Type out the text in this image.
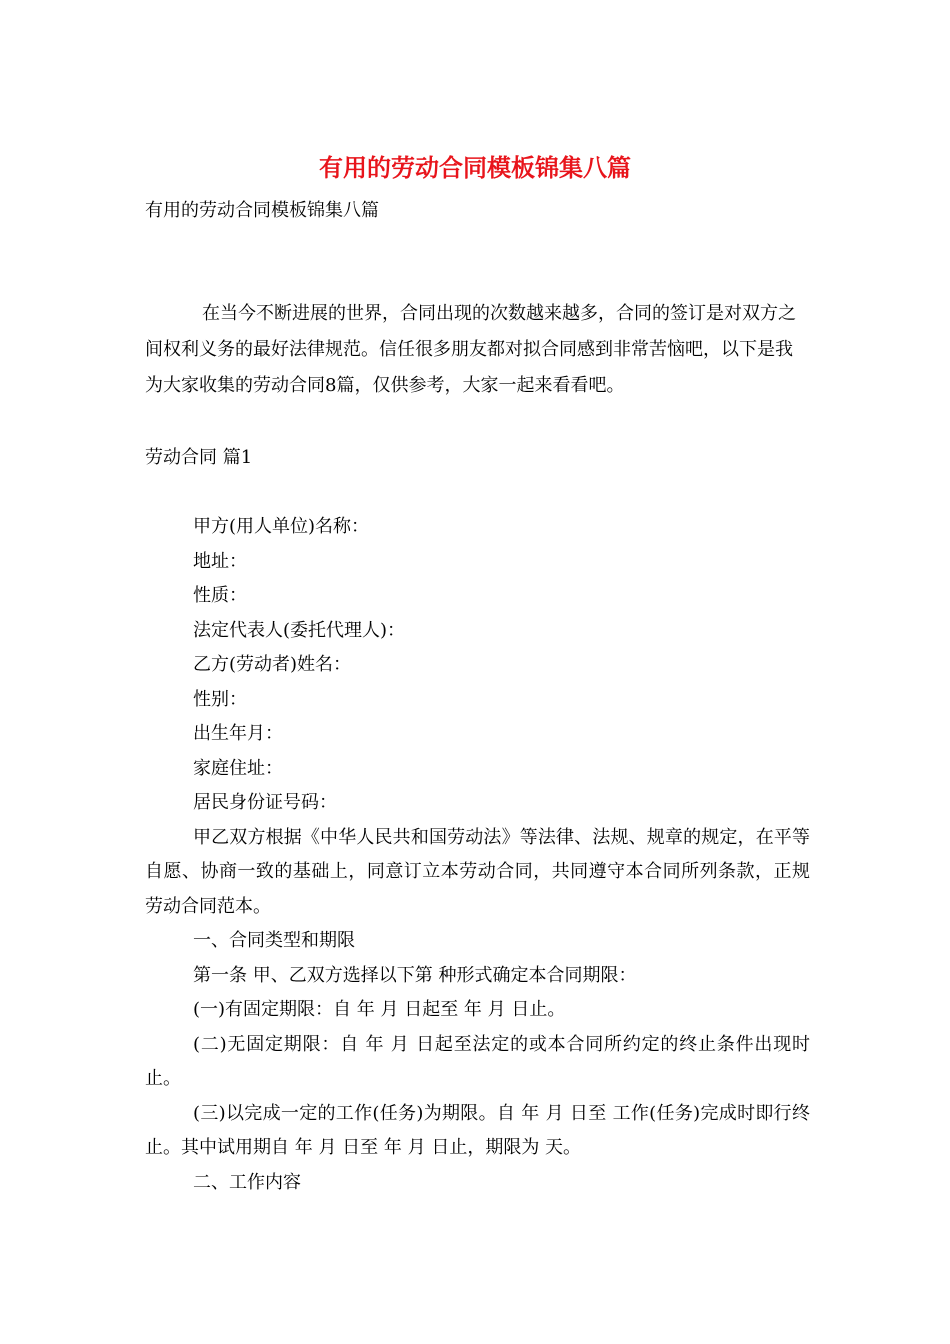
有用的劳动合同模板锦集八篇
有用的劳动合同模板锦集八篇

在当今不断进展的世界，合同出现的次数越来越多，合同的签订是对双方之间权利义务的最好法律规范。信任很多朋友都对拟合同感到非常苦恼吧，以下是我为大家收集的劳动合同8篇，仅供参考，大家一起来看看吧。

劳动合同 篇1
甲方(用人单位)名称：
地址：
性质：
法定代表人(委托代理人)：
乙方(劳动者)姓名：
性别：
出生年月：
家庭住址：
居民身份证号码：

甲乙双方根据《中华人民共和国劳动法》等法律、法规、规章的规定，在平等自愿、协商一致的基础上，同意订立本劳动合同，共同遵守本合同所列条款，正规劳动合同范本。

一、合同类型和期限
第一条 甲、乙双方选择以下第 种形式确定本合同期限：
(一)有固定期限：自 年 月 日起至 年 月 日止。

(二)无固定期限：自 年 月 日起至法定的或本合同所约定的终止条件出现时止。

(三)以完成一定的工作(任务)为期限。自 年 月 日至 工作(任务)完成时即行终止。其中试用期自 年 月 日至 年 月 日止，期限为 天。

二、工作内容
